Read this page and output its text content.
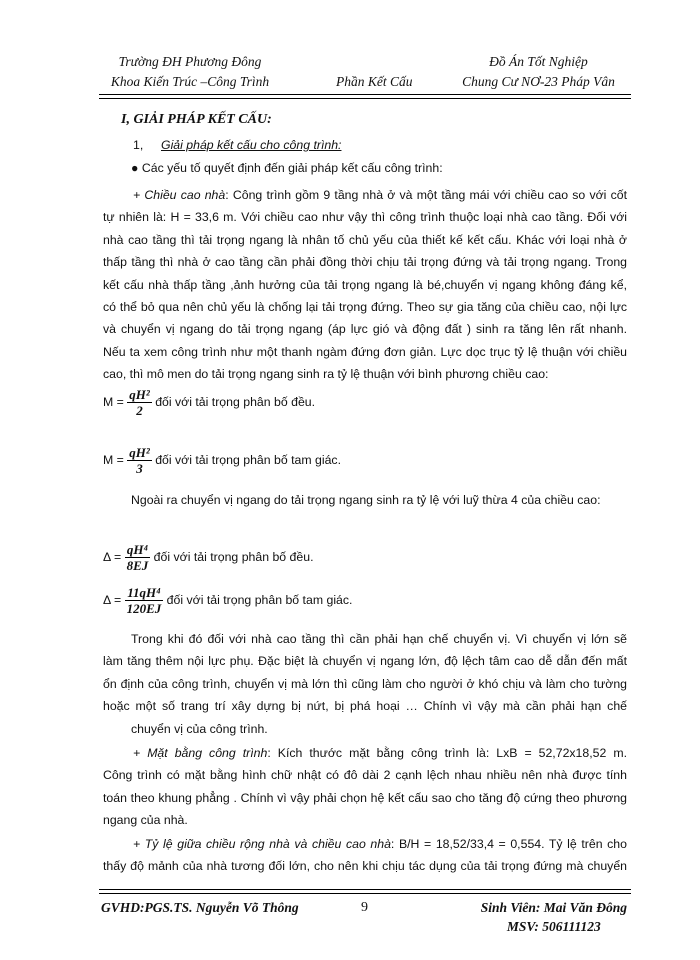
Trường ĐH Phương Đông
Khoa Kiến Trúc –Công Trình	Phần Kết Cấu
Đồ Án Tốt Nghiệp
Chung Cư NƠ-23 Pháp Vân
I, GIẢI PHÁP KẾT CẤU:
1, Giải pháp kết cấu cho công trình:
● Các yếu tố quyết định đến giải pháp kết cấu công trình:
+ Chiều cao nhà: Công trình gồm 9 tầng nhà ở và một tầng mái với chiều cao so với cốt
tự nhiên là: H = 33,6 m. Với chiều cao như vậy thì công trình thuộc loại nhà cao tầng. Đối với
nhà cao tầng thì tải trọng ngang là nhân tố chủ yếu của thiết kế kết cấu. Khác với loại nhà ở
thấp tầng thì nhà ở cao tầng cần phải đồng thời chịu tải trọng đứng và tải trọng ngang. Trong
kết cấu nhà thấp tầng ,ảnh hưởng của tải trọng ngang là bé,chuyển vị ngang không đáng kể,
có thể bỏ qua nên chủ yếu là chống lại tải trọng đứng. Theo sự gia tăng của chiều cao, nội lực
và chuyển vị ngang do tải trọng ngang (áp lực gió và động đất ) sinh ra tăng lên rất nhanh.
Nếu ta xem công trình như một thanh ngàm đứng đơn giản. Lực dọc trục tỷ lệ thuận với chiều
cao, thì mô men do tải trọng ngang sinh ra tỷ lệ thuận với bình phương chiều cao:
$M = \frac{\text{qH²}}{2}$ đối với tải trọng phân bố đều.
$M = \frac{\text{qH²}}{3}$ đối với tải trọng phân bố tam giác.
Ngoài ra chuyển vị ngang do tải trọng ngang sinh ra tỷ lệ với luỹ thừa 4 của chiều cao:
$\Delta = \frac{\text{qH⁴}}{8EJ}$ đối với tải trọng phân bố đều.
$\Delta = \frac{\text{11qH⁴}}{120EJ}$ đối với tải trọng phân bố tam giác.
Trong khi đó đối với nhà cao tầng thì cần phải hạn chế chuyển vị. Vì chuyển vị lớn sẽ
làm tăng thêm nội lực phụ. Đặc biệt là chuyển vị ngang lớn, độ lệch tâm cao dễ dẫn đến mất
ổn định của công trình, chuyển vị mà lớn thì cũng làm cho người ở khó chịu và làm cho tường
hoặc một số trang trí xây dựng bị nứt, bị phá hoại … Chính vì vậy mà cần phải hạn chế
chuyển vị của công trình.
+ Mặt bằng công trình: Kích thước mặt bằng công trình là: LxB = 52,72x18,52 m.
Công trình có mặt bằng hình chữ nhật có đô dài 2 cạnh lệch nhau nhiều nên nhà được tính
toán theo khung phẳng . Chính vì vậy phải chọn hệ kết cấu sao cho tăng độ cứng theo phương
ngang của nhà.
+ Tỷ lệ giữa chiều rộng nhà và chiều cao nhà: B/H = 18,52/33,4 = 0,554. Tỷ lệ trên cho
thấy độ mảnh của nhà tương đối lớn, cho nên khi chịu tác dụng của tải trọng đứng mà chuyển
GVHD:PGS.TS. Nguyễn Võ Thông	9	Sinh Viên: Mai Văn Đông
MSV: 506111123
